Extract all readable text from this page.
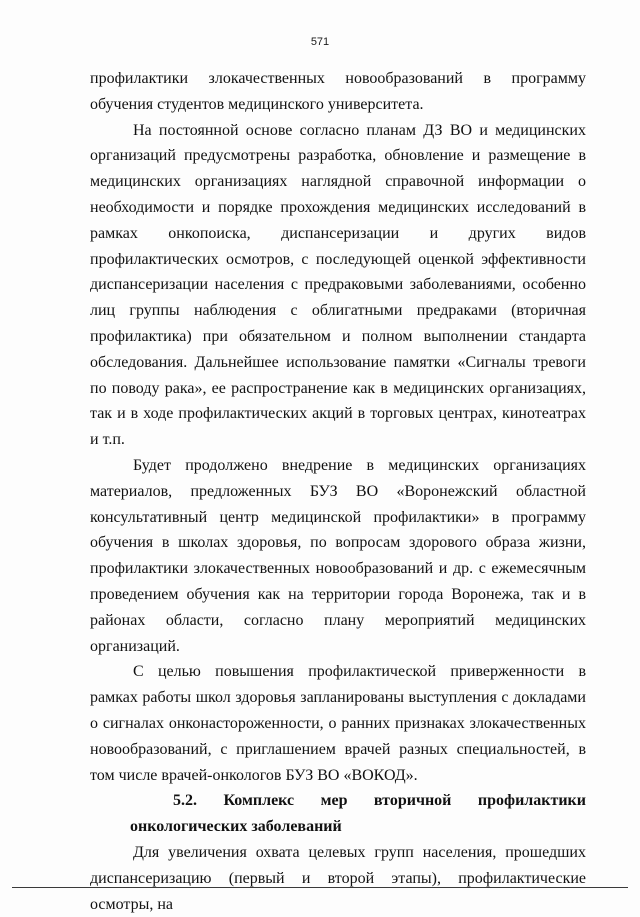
571

профилактики злокачественных новообразований в программу обучения студентов медицинского университета.

На постоянной основе согласно планам ДЗ ВО и медицинских организаций предусмотрены разработка, обновление и размещение в медицинских организациях наглядной справочной информации о необходимости и порядке прохождения медицинских исследований в рамках онкопоиска, диспансеризации и других видов профилактических осмотров, с последующей оценкой эффективности диспансеризации населения с предраковыми заболеваниями, особенно лиц группы наблюдения с облигатными предраками (вторичная профилактика) при обязательном и полном выполнении стандарта обследования. Дальнейшее использование памятки «Сигналы тревоги по поводу рака», ее распространение как в медицинских организациях, так и в ходе профилактических акций в торговых центрах, кинотеатрах и т.п.

Будет продолжено внедрение в медицинских организациях материалов, предложенных БУЗ ВО «Воронежский областной консультативный центр медицинской профилактики» в программу обучения в школах здоровья, по вопросам здорового образа жизни, профилактики злокачественных новообразований и др. с ежемесячным проведением обучения как на территории города Воронежа, так и в районах области, согласно плану мероприятий медицинских организаций.

С целью повышения профилактической приверженности в рамках работы школ здоровья запланированы выступления с докладами о сигналах онконастороженности, о ранних признаках злокачественных новообразований, с приглашением врачей разных специальностей, в том числе врачей-онкологов БУЗ ВО «ВОКОД».

5.2. Комплекс мер вторичной профилактики онкологических заболеваний

Для увеличения охвата целевых групп населения, прошедших диспансеризацию (первый и второй этапы), профилактические осмотры, на
